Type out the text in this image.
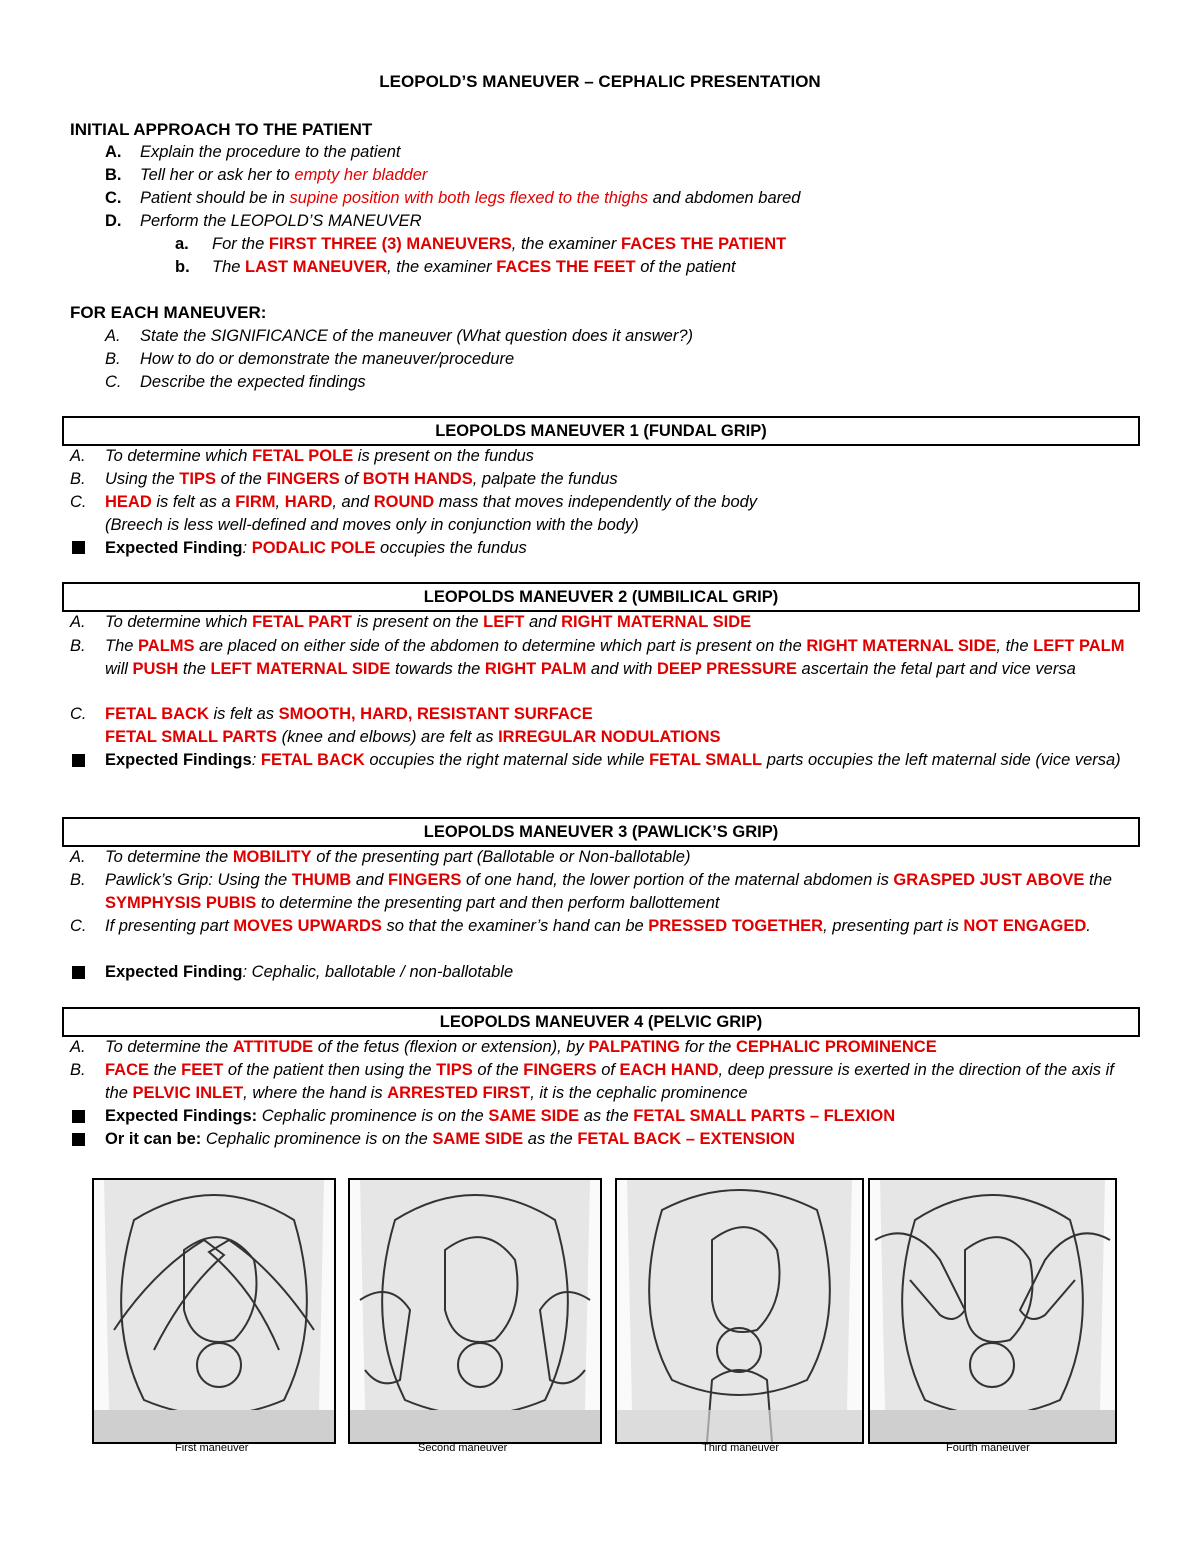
LEOPOLD’S MANEUVER – CEPHALIC PRESENTATION
INITIAL APPROACH TO THE PATIENT
A. Explain the procedure to the patient
B. Tell her or ask her to empty her bladder
C. Patient should be in supine position with both legs flexed to the thighs and abdomen bared
D. Perform the LEOPOLD’S MANEUVER
a. For the FIRST THREE (3) MANEUVERS, the examiner FACES THE PATIENT
b. The LAST MANEUVER, the examiner FACES THE FEET of the patient
FOR EACH MANEUVER:
A. State the SIGNIFICANCE of the maneuver (What question does it answer?)
B. How to do or demonstrate the maneuver/procedure
C. Describe the expected findings
LEOPOLDS MANEUVER 1 (FUNDAL GRIP)
A. To determine which FETAL POLE is present on the fundus
B. Using the TIPS of the FINGERS of BOTH HANDS, palpate the fundus
C. HEAD is felt as a FIRM, HARD, and ROUND mass that moves independently of the body
(Breech is less well-defined and moves only in conjunction with the body)
Expected Finding: PODALIC POLE occupies the fundus
LEOPOLDS MANEUVER 2 (UMBILICAL GRIP)
A. To determine which FETAL PART is present on the LEFT and RIGHT MATERNAL SIDE
B. The PALMS are placed on either side of the abdomen to determine which part is present on the RIGHT MATERNAL SIDE, the LEFT PALM will PUSH the LEFT MATERNAL SIDE towards the RIGHT PALM and with DEEP PRESSURE ascertain the fetal part and vice versa
C. FETAL BACK is felt as SMOOTH, HARD, RESISTANT SURFACE
FETAL SMALL PARTS (knee and elbows) are felt as IRREGULAR NODULATIONS
Expected Findings: FETAL BACK occupies the right maternal side while FETAL SMALL parts occupies the left maternal side (vice versa)
LEOPOLDS MANEUVER 3 (PAWLICK’S GRIP)
A. To determine the MOBILITY of the presenting part (Ballotable or Non-ballotable)
B. Pawlick’s Grip: Using the THUMB and FINGERS of one hand, the lower portion of the maternal abdomen is GRASPED JUST ABOVE the SYMPHYSIS PUBIS to determine the presenting part and then perform ballottement
C. If presenting part MOVES UPWARDS so that the examiner’s hand can be PRESSED TOGETHER, presenting part is NOT ENGAGED.
Expected Finding: Cephalic, ballotable / non-ballotable
LEOPOLDS MANEUVER 4 (PELVIC GRIP)
A. To determine the ATTITUDE of the fetus (flexion or extension), by PALPATING for the CEPHALIC PROMINENCE
B. FACE the FEET of the patient then using the TIPS of the FINGERS of EACH HAND, deep pressure is exerted in the direction of the axis if the PELVIC INLET, where the hand is ARRESTED FIRST, it is the cephalic prominence
Expected Findings: Cephalic prominence is on the SAME SIDE as the FETAL SMALL PARTS – FLEXION
Or it can be: Cephalic prominence is on the SAME SIDE as the FETAL BACK – EXTENSION
First maneuver	Second maneuver	Third maneuver	Fourth maneuver
